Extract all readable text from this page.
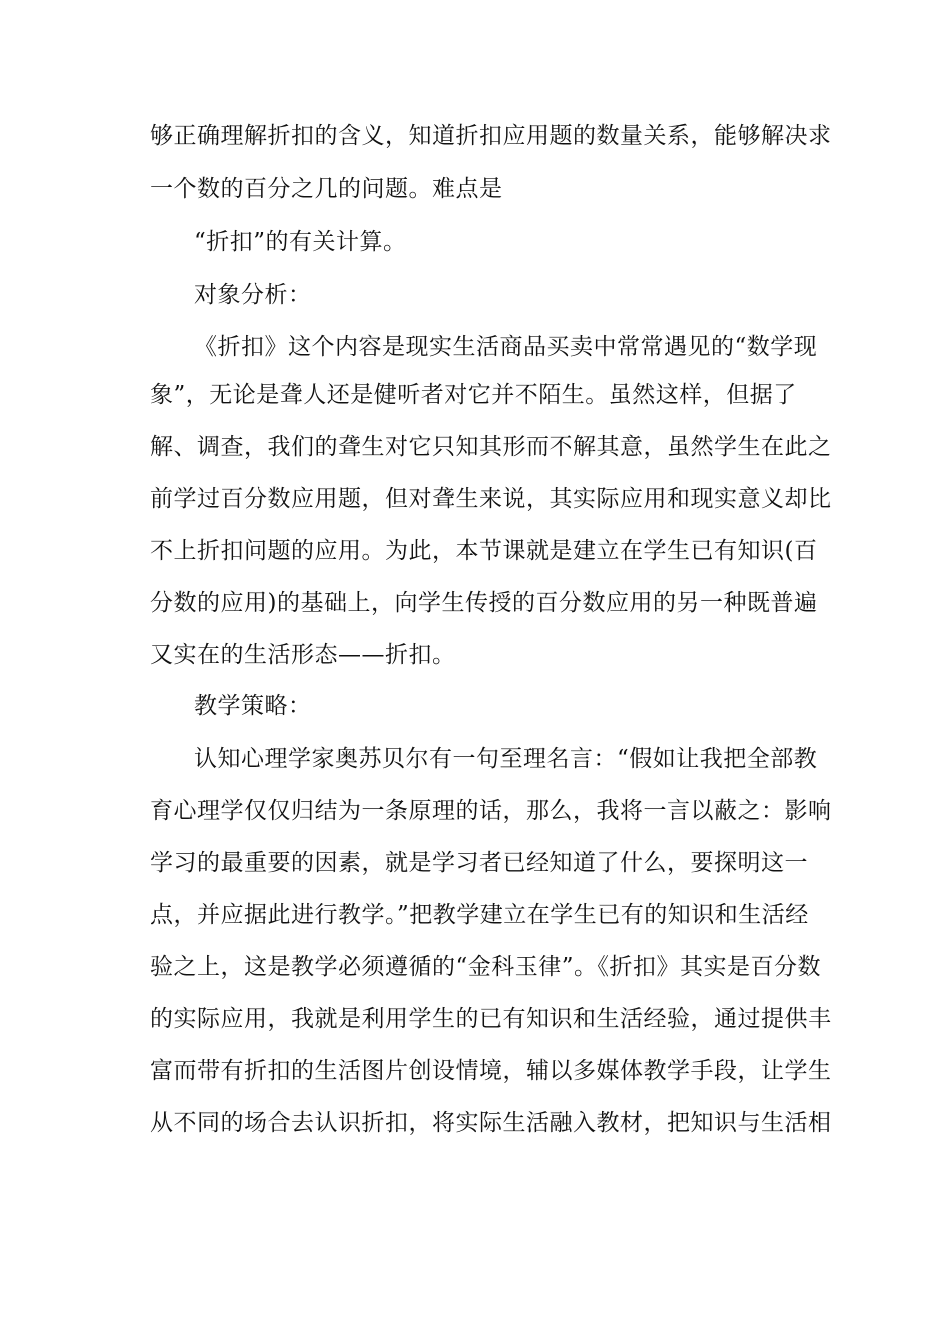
够正确理解折扣的含义，知道折扣应用题的数量关系，能够解决求
一个数的百分之几的问题。难点是
“折扣”的有关计算。
对象分析：
《折扣》这个内容是现实生活商品买卖中常常遇见的“数学现
象”，无论是聋人还是健听者对它并不陌生。虽然这样，但据了
解、调查，我们的聋生对它只知其形而不解其意，虽然学生在此之
前学过百分数应用题，但对聋生来说，其实际应用和现实意义却比
不上折扣问题的应用。为此，本节课就是建立在学生已有知识(百
分数的应用)的基础上，向学生传授的百分数应用的另一种既普遍
又实在的生活形态——折扣。
教学策略：
认知心理学家奥苏贝尔有一句至理名言：“假如让我把全部教
育心理学仅仅归结为一条原理的话，那么，我将一言以蔽之：影响
学习的最重要的因素，就是学习者已经知道了什么，要探明这一
点，并应据此进行教学。”把教学建立在学生已有的知识和生活经
验之上，这是教学必须遵循的“金科玉律”。《折扣》其实是百分数
的实际应用，我就是利用学生的已有知识和生活经验，通过提供丰
富而带有折扣的生活图片创设情境，辅以多媒体教学手段，让学生
从不同的场合去认识折扣，将实际生活融入教材，把知识与生活相
